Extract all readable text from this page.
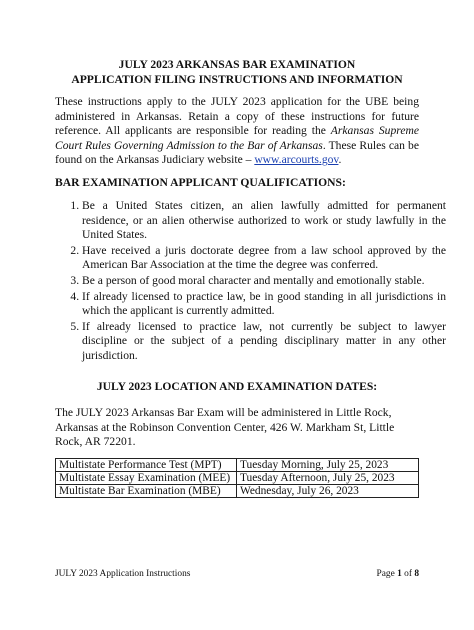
JULY 2023 ARKANSAS BAR EXAMINATION
APPLICATION FILING INSTRUCTIONS AND INFORMATION
These instructions apply to the JULY 2023 application for the UBE being administered in Arkansas. Retain a copy of these instructions for future reference. All applicants are responsible for reading the Arkansas Supreme Court Rules Governing Admission to the Bar of Arkansas. These Rules can be found on the Arkansas Judiciary website – www.arcourts.gov.
BAR EXAMINATION APPLICANT QUALIFICATIONS:
1. Be a United States citizen, an alien lawfully admitted for permanent residence, or an alien otherwise authorized to work or study lawfully in the United States.
2. Have received a juris doctorate degree from a law school approved by the American Bar Association at the time the degree was conferred.
3. Be a person of good moral character and mentally and emotionally stable.
4. If already licensed to practice law, be in good standing in all jurisdictions in which the applicant is currently admitted.
5. If already licensed to practice law, not currently be subject to lawyer discipline or the subject of a pending disciplinary matter in any other jurisdiction.
JULY 2023 LOCATION AND EXAMINATION DATES:
The JULY 2023 Arkansas Bar Exam will be administered in Little Rock, Arkansas at the Robinson Convention Center, 426 W. Markham St, Little Rock, AR 72201.
Multistate Performance Test (MPT)	Tuesday Morning, July 25, 2023
Multistate Essay Examination (MEE)	Tuesday Afternoon, July 25, 2023
Multistate Bar Examination (MBE)	Wednesday, July 26, 2023
JULY 2023 Application Instructions	Page 1 of 8
